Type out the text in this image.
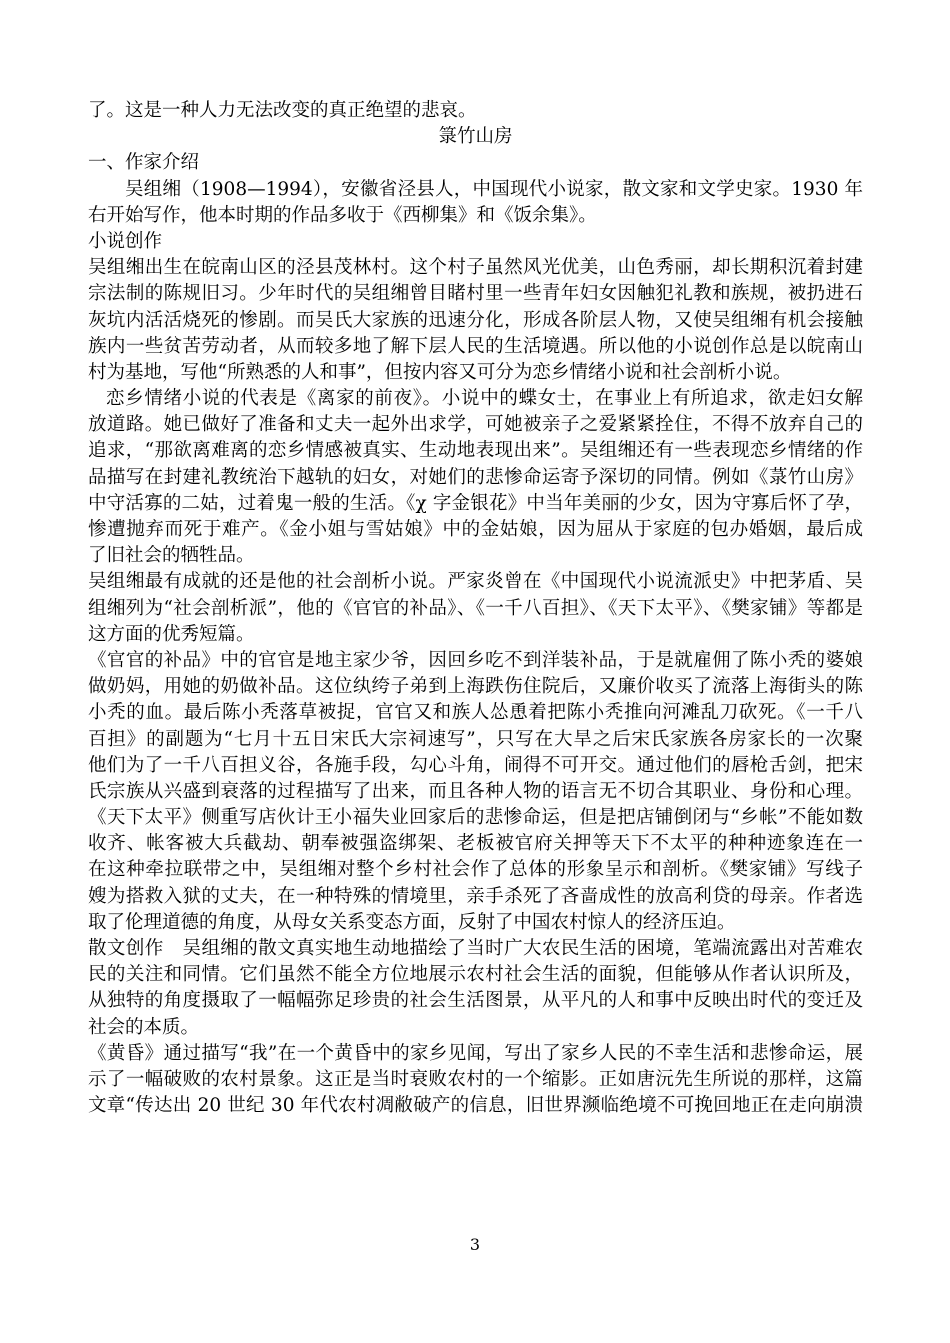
了。这是一种人力无法改变的真正绝望的悲哀。
箓竹山房
一、作家介绍
吴组缃（1908—1994），安徽省泾县人，中国现代小说家，散文家和文学史家。1930 年
右开始写作，他本时期的作品多收于《西柳集》和《饭余集》。
小说创作
吴组缃出生在皖南山区的泾县茂林村。这个村子虽然风光优美，山色秀丽，却长期积沉着封建
宗法制的陈规旧习。少年时代的吴组缃曾目睹村里一些青年妇女因触犯礼教和族规，被扔进石
灰坑内活活烧死的惨剧。而吴氏大家族的迅速分化，形成各阶层人物，又使吴组缃有机会接触
族内一些贫苦劳动者，从而较多地了解下层人民的生活境遇。所以他的小说创作总是以皖南山
村为基地，写他“所熟悉的人和事”，但按内容又可分为恋乡情绪小说和社会剖析小说。
恋乡情绪小说的代表是《离家的前夜》。小说中的蝶女士，在事业上有所追求，欲走妇女解
放道路。她已做好了准备和丈夫一起外出求学，可她被亲子之爱紧紧拴住，不得不放弃自己的
追求，“那欲离难离的恋乡情感被真实、生动地表现出来”。吴组缃还有一些表现恋乡情绪的作
品描写在封建礼教统治下越轨的妇女，对她们的悲惨命运寄予深切的同情。例如《菉竹山房》
中守活寡的二姑，过着鬼一般的生活。《χ 字金银花》中当年美丽的少女，因为守寡后怀了孕，
惨遭抛弃而死于难产。《金小姐与雪姑娘》中的金姑娘，因为屈从于家庭的包办婚姻，最后成
了旧社会的牺牲品。
吴组缃最有成就的还是他的社会剖析小说。严家炎曾在《中国现代小说流派史》中把茅盾、吴
组缃列为“社会剖析派”，他的《官官的补品》、《一千八百担》、《天下太平》、《樊家铺》等都是
这方面的优秀短篇。
《官官的补品》中的官官是地主家少爷，因回乡吃不到洋装补品，于是就雇佣了陈小秃的婆娘
做奶妈，用她的奶做补品。这位纨绔子弟到上海跌伤住院后，又廉价收买了流落上海街头的陈
小秃的血。最后陈小秃落草被捉，官官又和族人怂恿着把陈小秃推向河滩乱刀砍死。《一千八
百担》的副题为“七月十五日宋氏大宗祠速写”，只写在大旱之后宋氏家族各房家长的一次聚
他们为了一千八百担义谷，各施手段，勾心斗角，闹得不可开交。通过他们的唇枪舌剑，把宋
氏宗族从兴盛到衰落的过程描写了出来，而且各种人物的语言无不切合其职业、身份和心理。
《天下太平》侧重写店伙计王小福失业回家后的悲惨命运，但是把店铺倒闭与“乡帐”不能如数
收齐、帐客被大兵截劫、朝奉被强盗绑架、老板被官府关押等天下不太平的种种迹象连在一
在这种牵拉联带之中，吴组缃对整个乡村社会作了总体的形象呈示和剖析。《樊家铺》写线子
嫂为搭救入狱的丈夫，在一种特殊的情境里，亲手杀死了吝啬成性的放高利贷的母亲。作者选
取了伦理道德的角度，从母女关系变态方面，反射了中国农村惊人的经济压迫。
散文创作　吴组缃的散文真实地生动地描绘了当时广大农民生活的困境，笔端流露出对苦难农
民的关注和同情。它们虽然不能全方位地展示农村社会生活的面貌，但能够从作者认识所及，
从独特的角度摄取了一幅幅弥足珍贵的社会生活图景，从平凡的人和事中反映出时代的变迁及
社会的本质。
《黄昏》通过描写“我”在一个黄昏中的家乡见闻，写出了家乡人民的不幸生活和悲惨命运，展
示了一幅破败的农村景象。这正是当时衰败农村的一个缩影。正如唐沅先生所说的那样，这篇
文章“传达出 20 世纪 30 年代农村凋敝破产的信息，旧世界濒临绝境不可挽回地正在走向崩溃
3
